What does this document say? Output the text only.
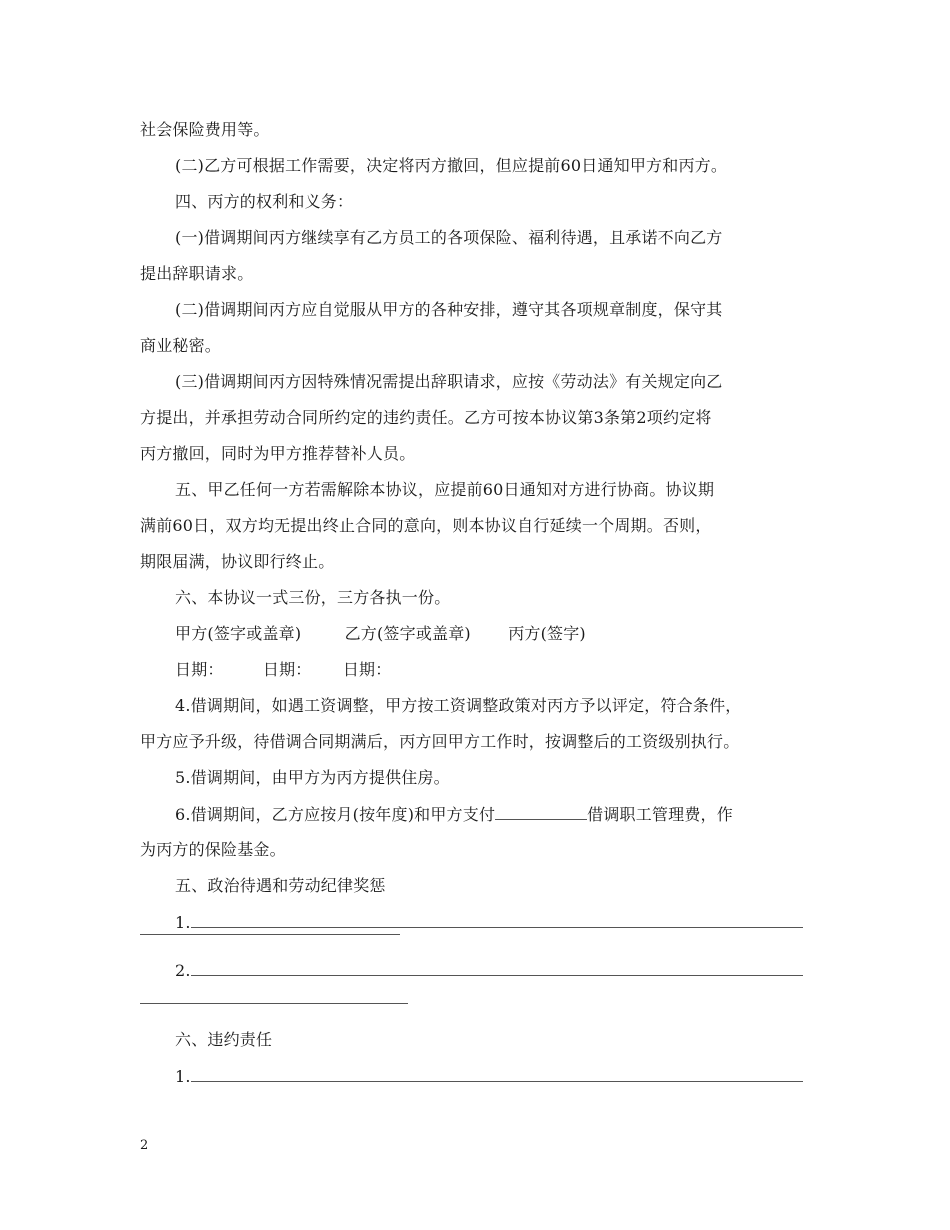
社会保险费用等。
(二)乙方可根据工作需要，决定将丙方撤回，但应提前60日通知甲方和丙方。
四、丙方的权利和义务：
(一)借调期间丙方继续享有乙方员工的各项保险、福利待遇，且承诺不向乙方
提出辞职请求。
(二)借调期间丙方应自觉服从甲方的各种安排，遵守其各项规章制度，保守其
商业秘密。
(三)借调期间丙方因特殊情况需提出辞职请求，应按《劳动法》有关规定向乙
方提出，并承担劳动合同所约定的违约责任。乙方可按本协议第3条第2项约定将
丙方撤回，同时为甲方推荐替补人员。
五、甲乙任何一方若需解除本协议，应提前60日通知对方进行协商。协议期
满前60日，双方均无提出终止合同的意向，则本协议自行延续一个周期。否则，
期限届满，协议即行终止。
六、本协议一式三份，三方各执一份。
甲方(签字或盖章)	乙方(签字或盖章) 丙方(签字)
日期： 日期： 日期：
4.借调期间，如遇工资调整，甲方按工资调整政策对丙方予以评定，符合条件，
甲方应予升级，待借调合同期满后，丙方回甲方工作时，按调整后的工资级别执行。
5.借调期间，由甲方为丙方提供住房。
6.借调期间，乙方应按月(按年度)和甲方支付	借调职工管理费，作
为丙方的保险基金。
五、政治待遇和劳动纪律奖惩
1.
2.
六、违约责任
1.
2
